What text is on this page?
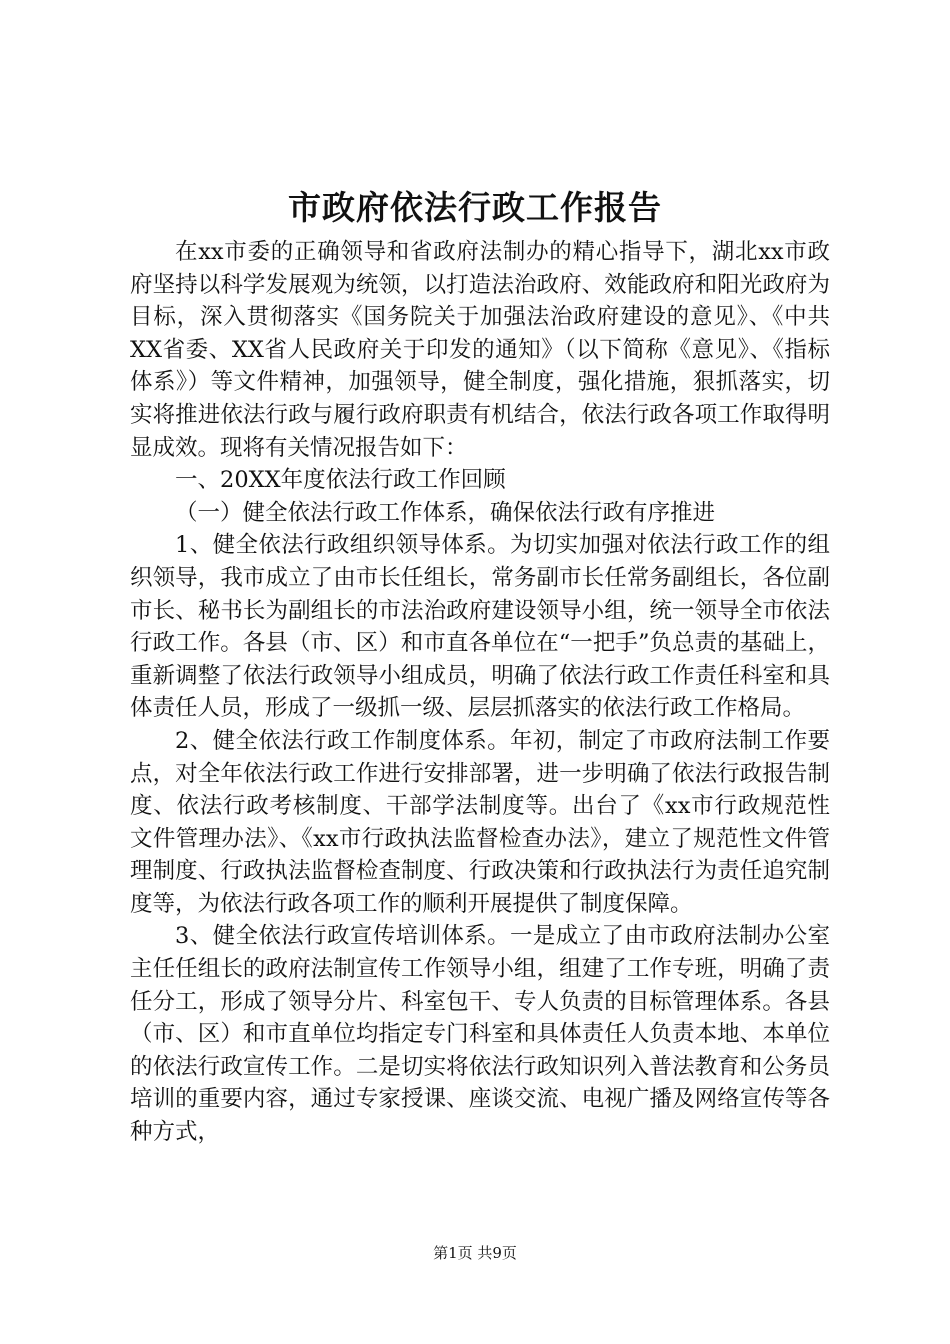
市政府依法行政工作报告

在xx市委的正确领导和省政府法制办的精心指导下，湖北xx市政府坚持以科学发展观为统领，以打造法治政府、效能政府和阳光政府为目标，深入贯彻落实《国务院关于加强法治政府建设的意见》、《中共XX省委、XX省人民政府关于印发的通知》（以下简称《意见》、《指标体系》）等文件精神，加强领导，健全制度，强化措施，狠抓落实，切实将推进依法行政与履行政府职责有机结合，依法行政各项工作取得明显成效。现将有关情况报告如下：

一、20XX年度依法行政工作回顾

（一）健全依法行政工作体系，确保依法行政有序推进

1、健全依法行政组织领导体系。为切实加强对依法行政工作的组织领导，我市成立了由市长任组长，常务副市长任常务副组长，各位副市长、秘书长为副组长的市法治政府建设领导小组，统一领导全市依法行政工作。各县（市、区）和市直各单位在“一把手”负总责的基础上，重新调整了依法行政领导小组成员，明确了依法行政工作责任科室和具体责任人员，形成了一级抓一级、层层抓落实的依法行政工作格局。

2、健全依法行政工作制度体系。年初，制定了市政府法制工作要点，对全年依法行政工作进行安排部署，进一步明确了依法行政报告制度、依法行政考核制度、干部学法制度等。出台了《xx市行政规范性文件管理办法》、《xx市行政执法监督检查办法》，建立了规范性文件管理制度、行政执法监督检查制度、行政决策和行政执法行为责任追究制度等，为依法行政各项工作的顺利开展提供了制度保障。

3、健全依法行政宣传培训体系。一是成立了由市政府法制办公室主任任组长的政府法制宣传工作领导小组，组建了工作专班，明确了责任分工，形成了领导分片、科室包干、专人负责的目标管理体系。各县（市、区）和市直单位均指定专门科室和具体责任人负责本地、本单位的依法行政宣传工作。二是切实将依法行政知识列入普法教育和公务员培训的重要内容，通过专家授课、座谈交流、电视广播及网络宣传等各种方式，

第1页 共9页
